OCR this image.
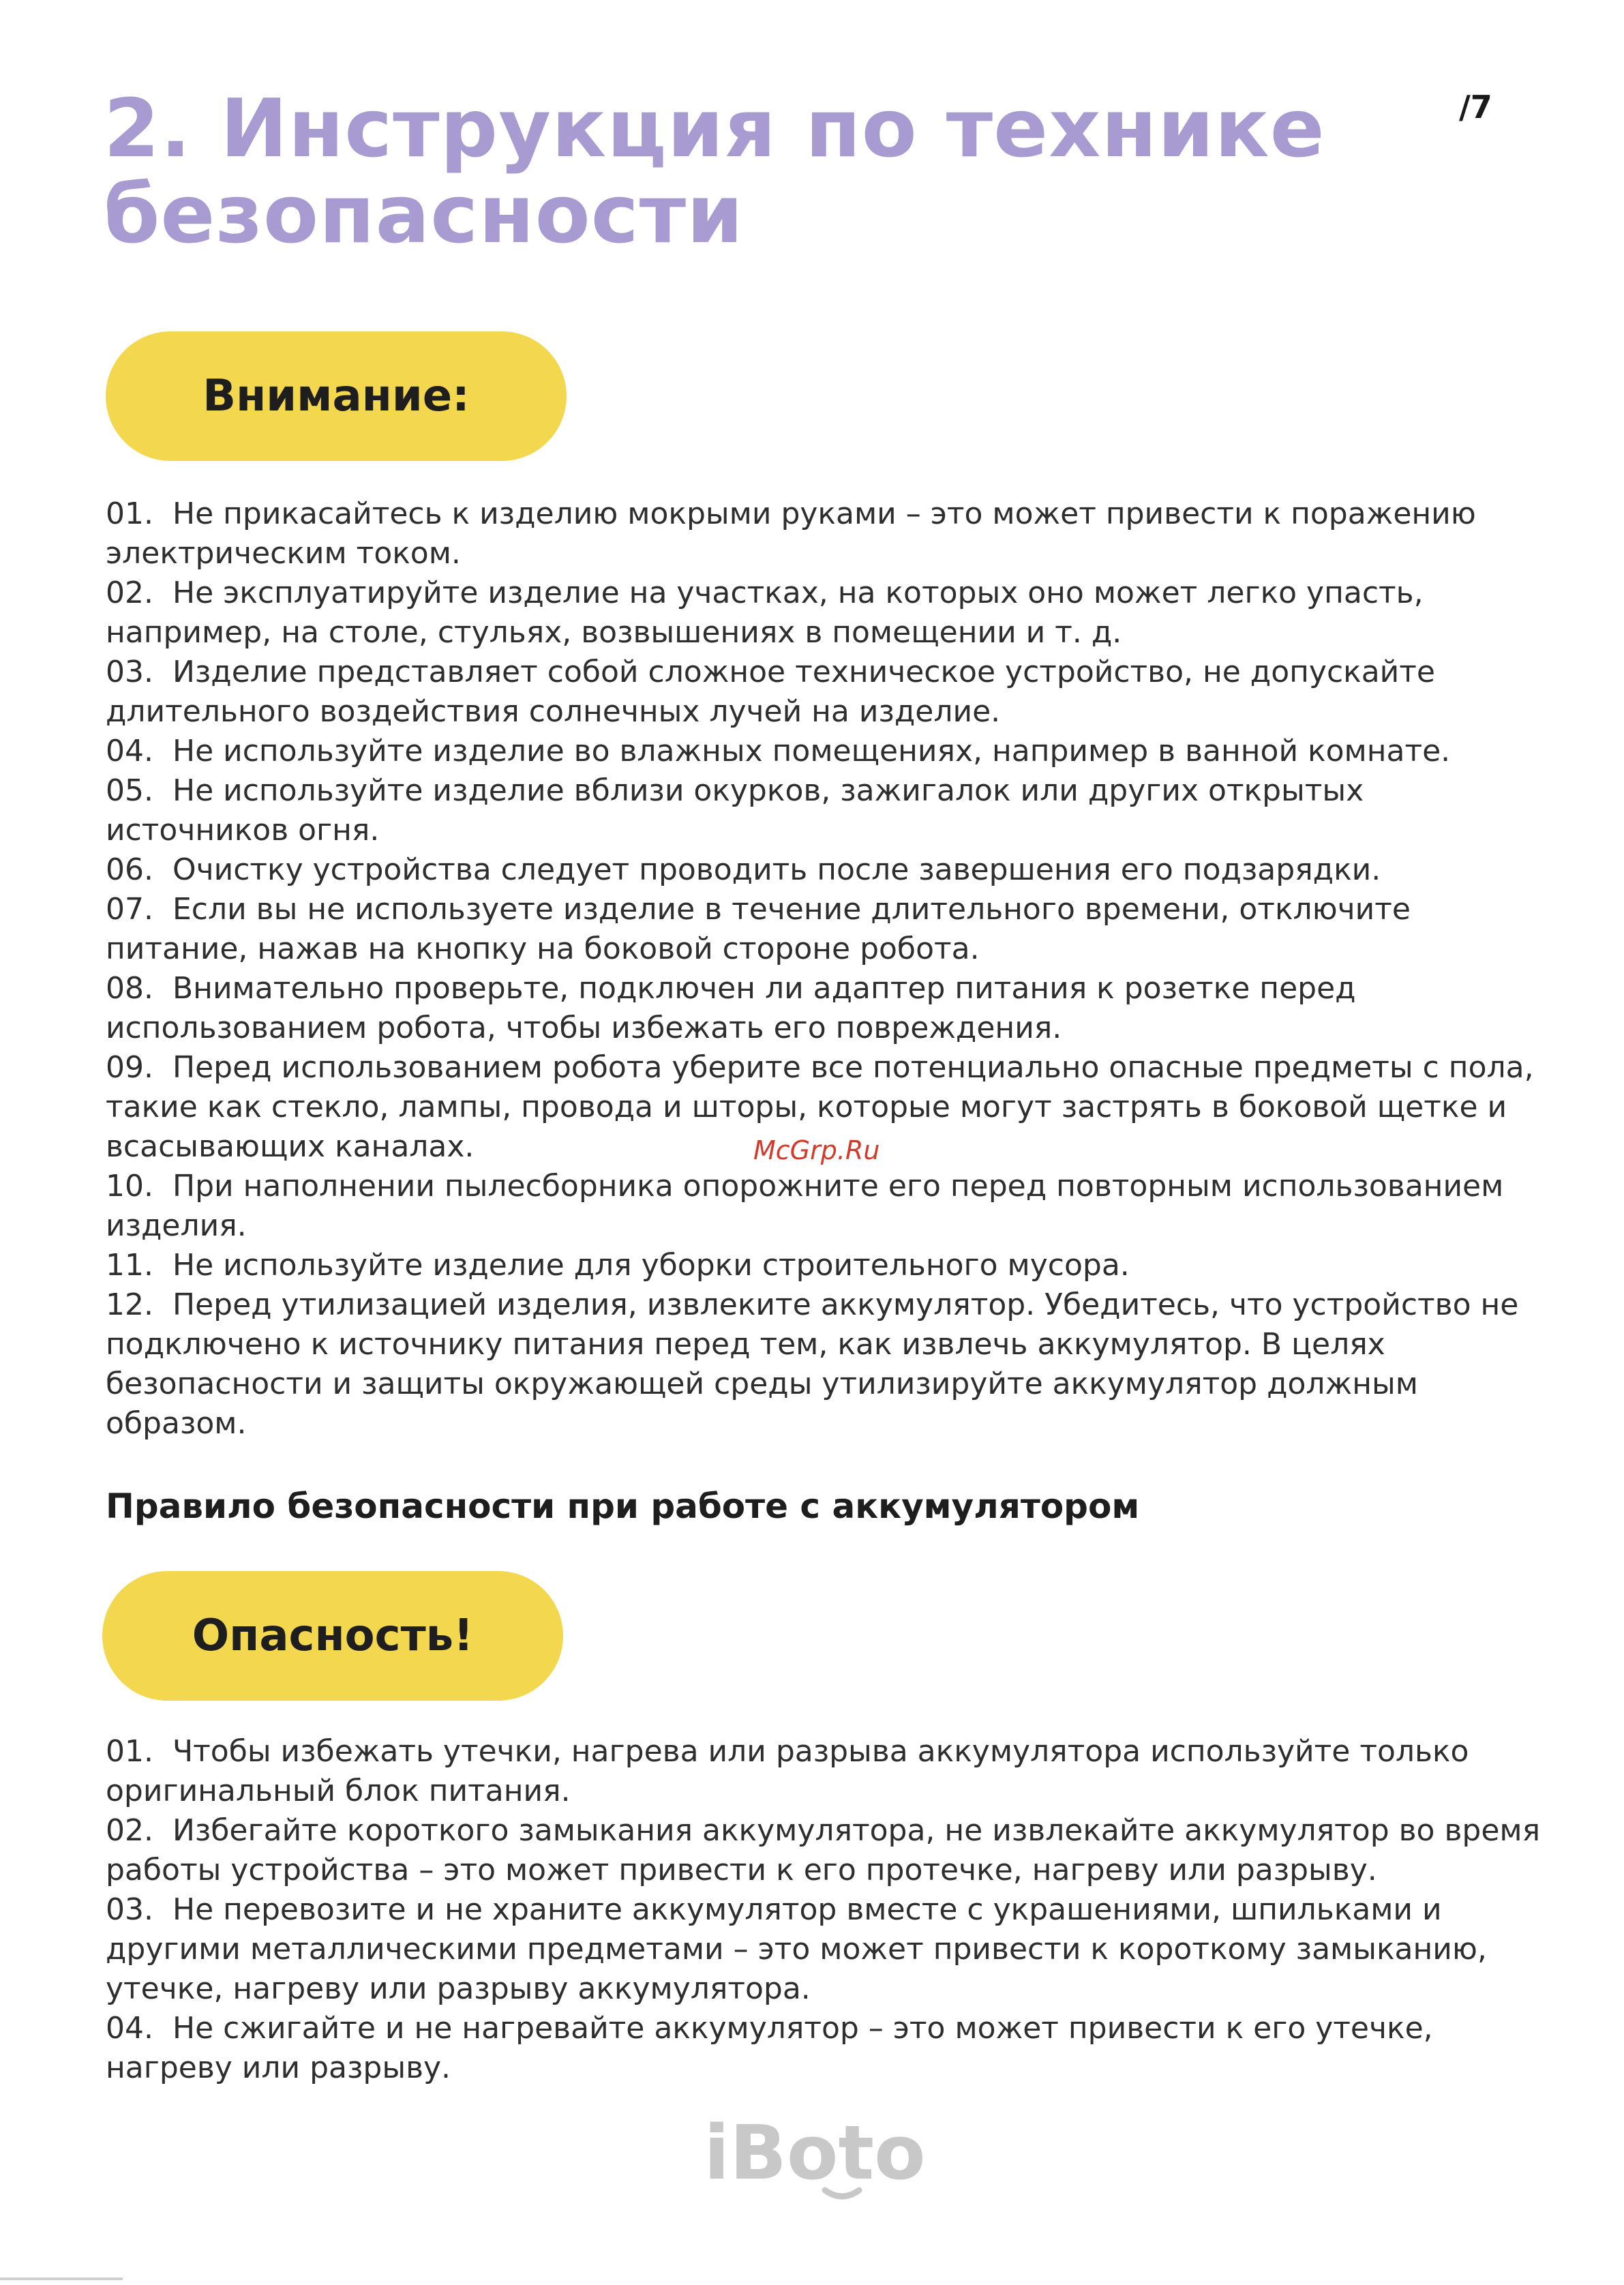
/7
2. Инструкция по технике безопасности
Внимание:
01. Не прикасайтесь к изделию мокрыми руками – это может привести к поражению электрическим током.
02. Не эксплуатируйте изделие на участках, на которых оно может легко упасть, например, на столе, стульях, возвышениях в помещении и т. д.
03. Изделие представляет собой сложное техническое устройство, не допускайте длительного воздействия солнечных лучей на изделие.
04. Не используйте изделие во влажных помещениях, например в ванной комнате.
05. Не используйте изделие вблизи окурков, зажигалок или других открытых источников огня.
06. Очистку устройства следует проводить после завершения его подзарядки.
07. Если вы не используете изделие в течение длительного времени, отключите питание, нажав на кнопку на боковой стороне робота.
08. Внимательно проверьте, подключен ли адаптер питания к розетке перед использованием робота, чтобы избежать его повреждения.
09. Перед использованием робота уберите все потенциально опасные предметы с пола, такие как стекло, лампы, провода и шторы, которые могут застрять в боковой щетке и всасывающих каналах.
10. При наполнении пылесборника опорожните его перед повторным использованием изделия.
11. Не используйте изделие для уборки строительного мусора.
12. Перед утилизацией изделия, извлеките аккумулятор. Убедитесь, что устройство не подключено к источнику питания перед тем, как извлечь аккумулятор. В целях безопасности и защиты окружающей среды утилизируйте аккумулятор должным образом.
McGrp.Ru
Правило безопасности при работе с аккумулятором
Опасность!
01. Чтобы избежать утечки, нагрева или разрыва аккумулятора используйте только оригинальный блок питания.
02. Избегайте короткого замыкания аккумулятора, не извлекайте аккумулятор во время работы устройства – это может привести к его протечке, нагреву или разрыву.
03. Не перевозите и не храните аккумулятор вместе с украшениями, шпильками и другими металлическими предметами – это может привести к короткому замыканию, утечке, нагреву или разрыву аккумулятора.
04. Не сжигайте и не нагревайте аккумулятор – это может привести к его утечке, нагреву или разрыву.
iBoto
